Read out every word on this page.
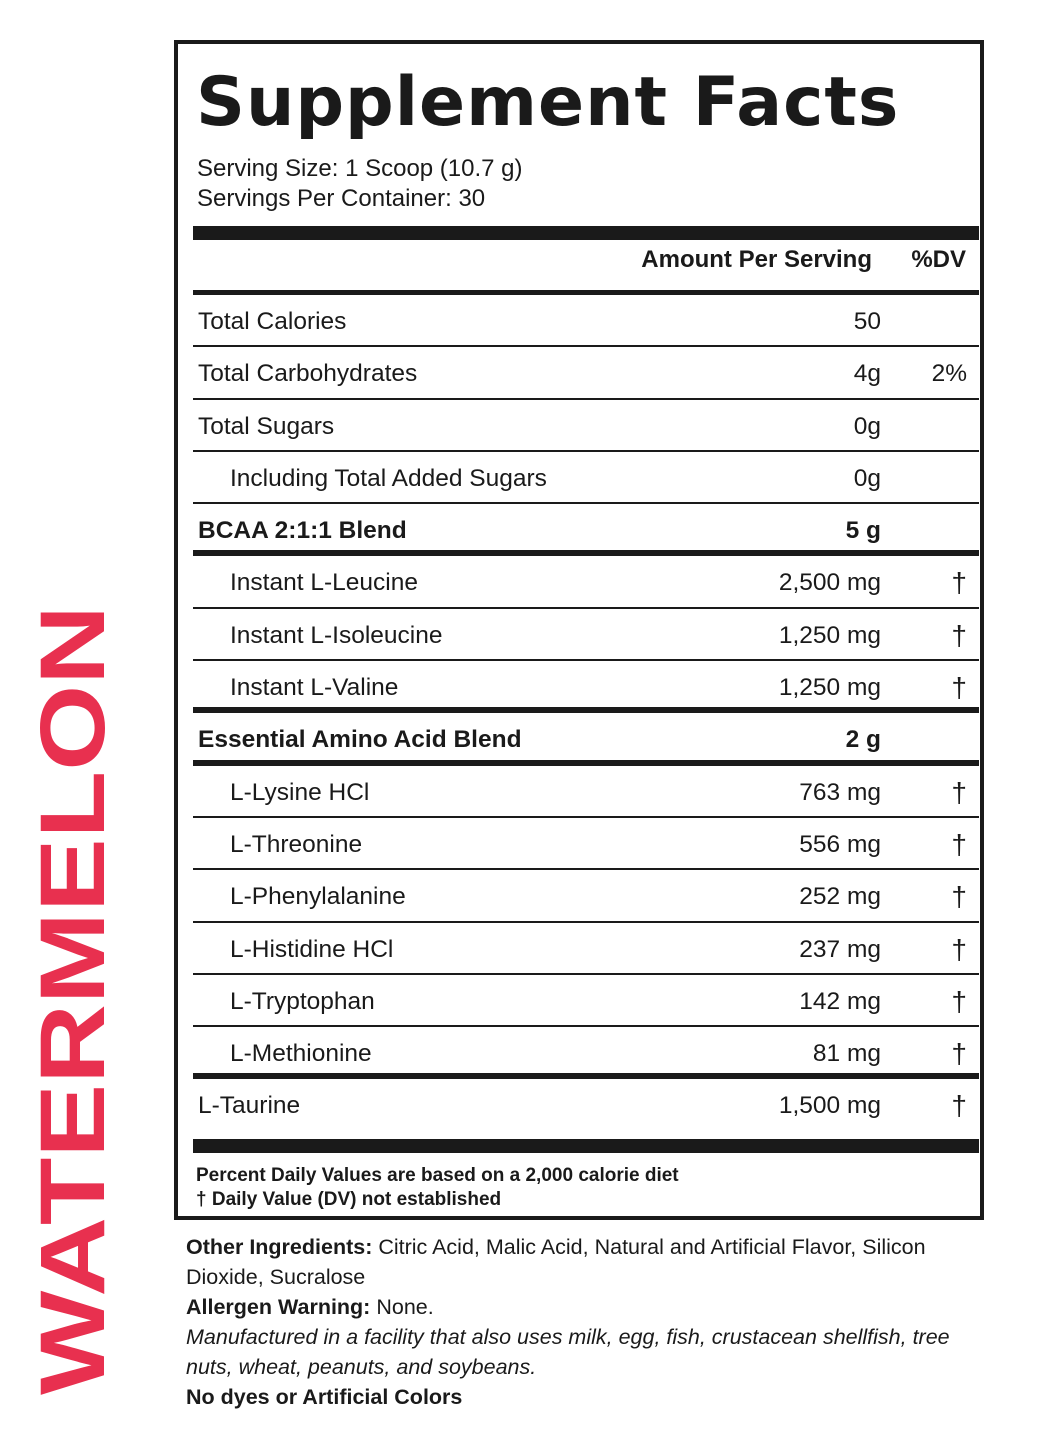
WATERMELON
Supplement Facts
Serving Size: 1 Scoop (10.7 g)
Servings Per Container: 30
Amount Per Serving %DV
Total Calories	50
Total Carbohydrates	4g 2%
Total Sugars	0g
Including Total Added Sugars	0g
BCAA 2:1:1 Blend	5 g
Instant L-Leucine	2,500 mg	†
Instant L-Isoleucine	1,250 mg	†
Instant L-Valine	1,250 mg	†
Essential Amino Acid Blend	2 g
L-Lysine HCl	763 mg	†
L-Threonine	556 mg	†
L-Phenylalanine	252 mg	†
L-Histidine HCl	237 mg	†
L-Tryptophan	142 mg	†
L-Methionine	81 mg	†
L-Taurine	1,500 mg	†
Percent Daily Values are based on a 2,000 calorie diet
† Daily Value (DV) not established

Other Ingredients: Citric Acid, Malic Acid, Natural and Artificial Flavor, Silicon Dioxide, Sucralose

Allergen Warning: None.

Manufactured in a facility that also uses milk, egg, fish, crustacean shellfish, tree nuts, wheat, peanuts, and soybeans.

No dyes or Artificial Colors
